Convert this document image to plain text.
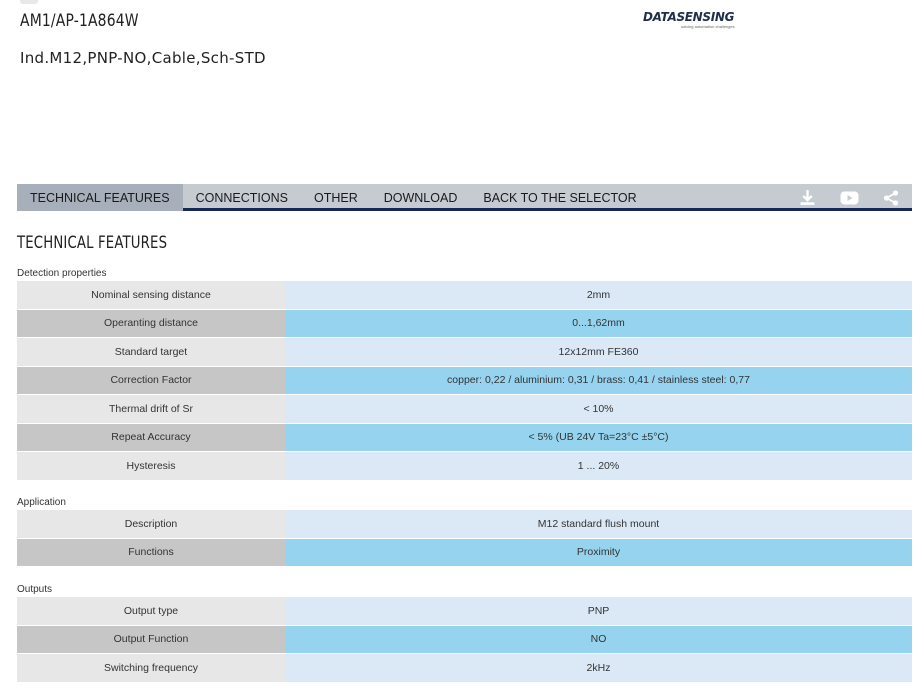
AM1/AP-1A864W
Ind.M12,PNP-NO,Cable,Sch-STD
DATASENSING
solving automation challenges
TECHNICAL FEATURES	CONNECTIONS	OTHER	DOWNLOAD	BACK TO THE SELECTOR
TECHNICAL FEATURES
Detection properties
Nominal sensing distance	2mm
Operanting distance	0...1,62mm
Standard target	12x12mm FE360
Correction Factor	copper: 0,22 / aluminium: 0,31 / brass: 0,41 / stainless steel: 0,77
Thermal drift of Sr	< 10%
Repeat Accuracy	< 5% (UB 24V Ta=23°C ±5°C)
Hysteresis	1 ... 20%
Application
Description	M12 standard flush mount
Functions	Proximity
Outputs
Output type	PNP
Output Function	NO
Switching frequency	2kHz
